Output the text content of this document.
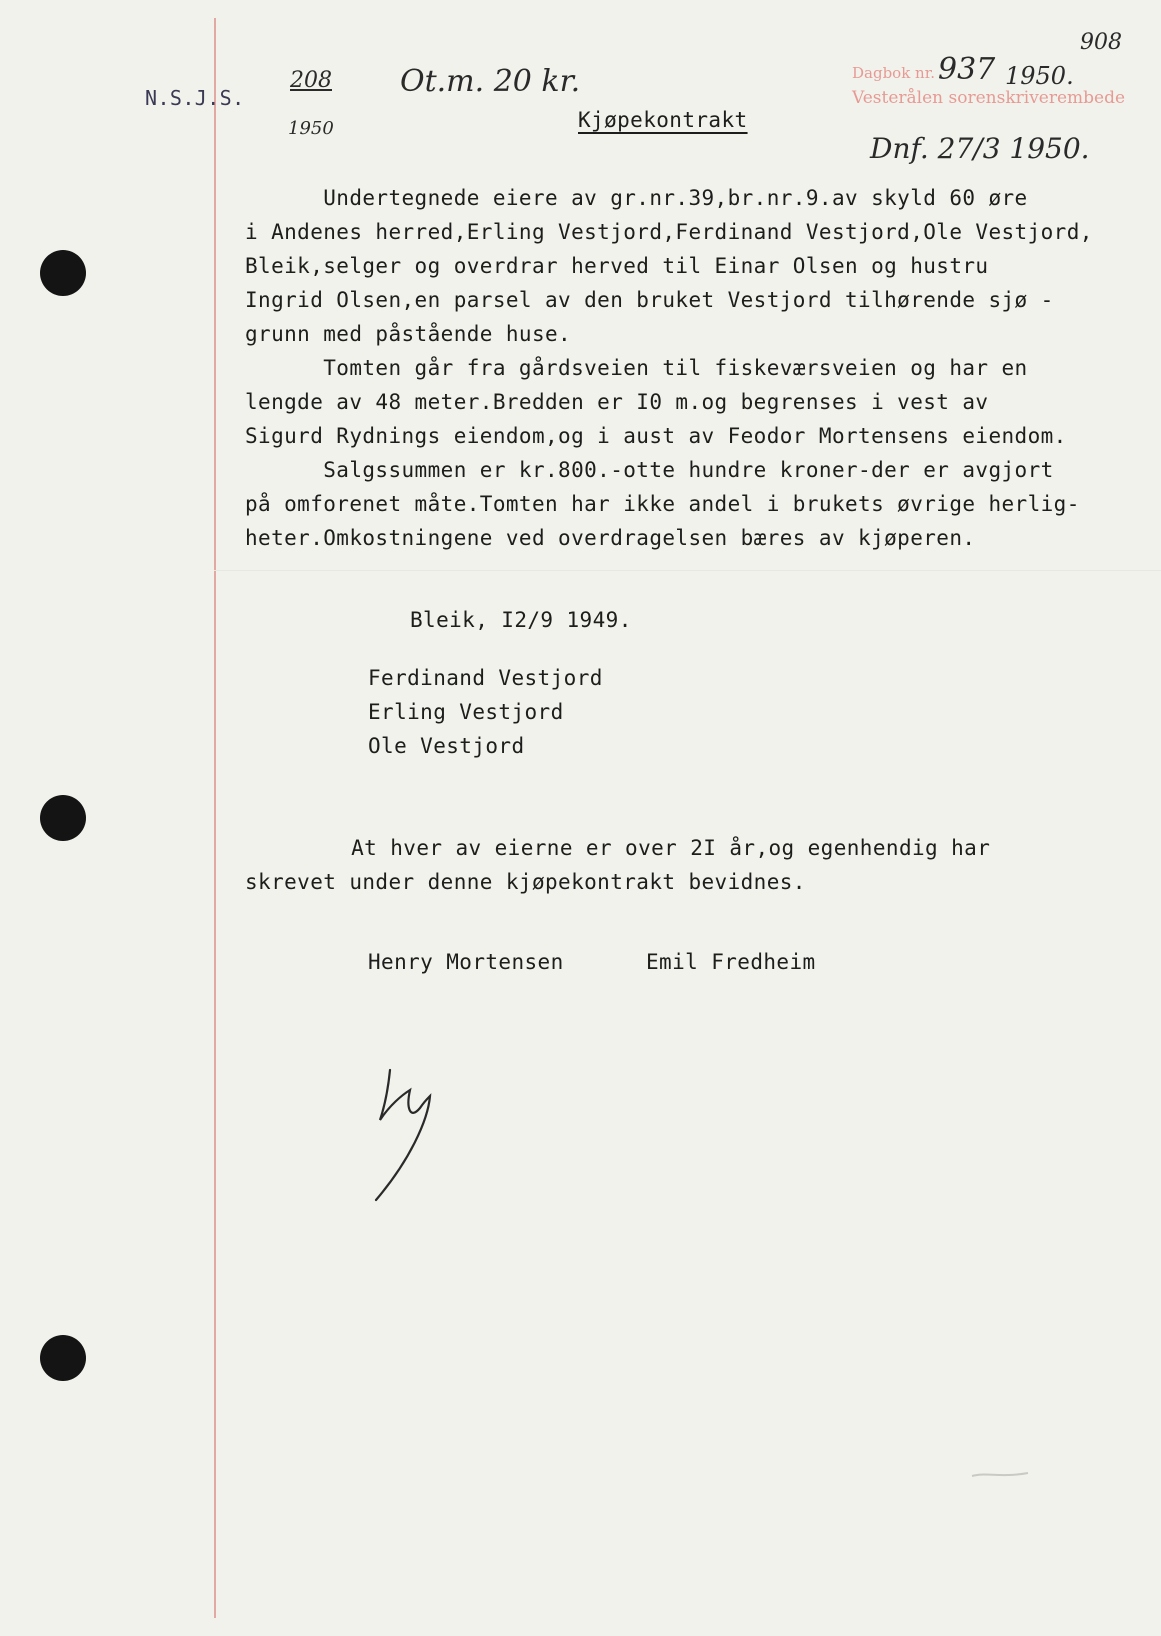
N.S.J.S.
208
1950
Ot.m. 20 kr.
908
Dagbok nr. 937 1950.
Vesterålen sorenskriverembede
Dnf. 27/3 1950.
Kjøpekontrakt
Undertegnede eiere av gr.nr.39,br.nr.9.av skyld 60 øre
i Andenes herred,Erling Vestjord,Ferdinand Vestjord,Ole Vestjord,
Bleik,selger og overdrar herved til Einar Olsen og hustru
Ingrid Olsen,en parsel av den bruket Vestjord tilhørende sjø -
grunn med påstående huse.
Tomten går fra gårdsveien til fiskeværsveien og har en
lengde av 48 meter.Bredden er I0 m.og begrenses i vest av
Sigurd Rydnings eiendom,og i aust av Feodor Mortensens eiendom.
Salgssummen er kr.800.-otte hundre kroner-der er avgjort
på omforenet måte.Tomten har ikke andel i brukets øvrige herlig-
heter.Omkostningene ved overdragelsen bæres av kjøperen.
Bleik, I2/9 1949.
Ferdinand Vestjord
Erling Vestjord
Ole Vestjord
At hver av eierne er over 2I år,og egenhendig har
skrevet under denne kjøpekontrakt bevidnes.
Henry Mortensen	Emil Fredheim
